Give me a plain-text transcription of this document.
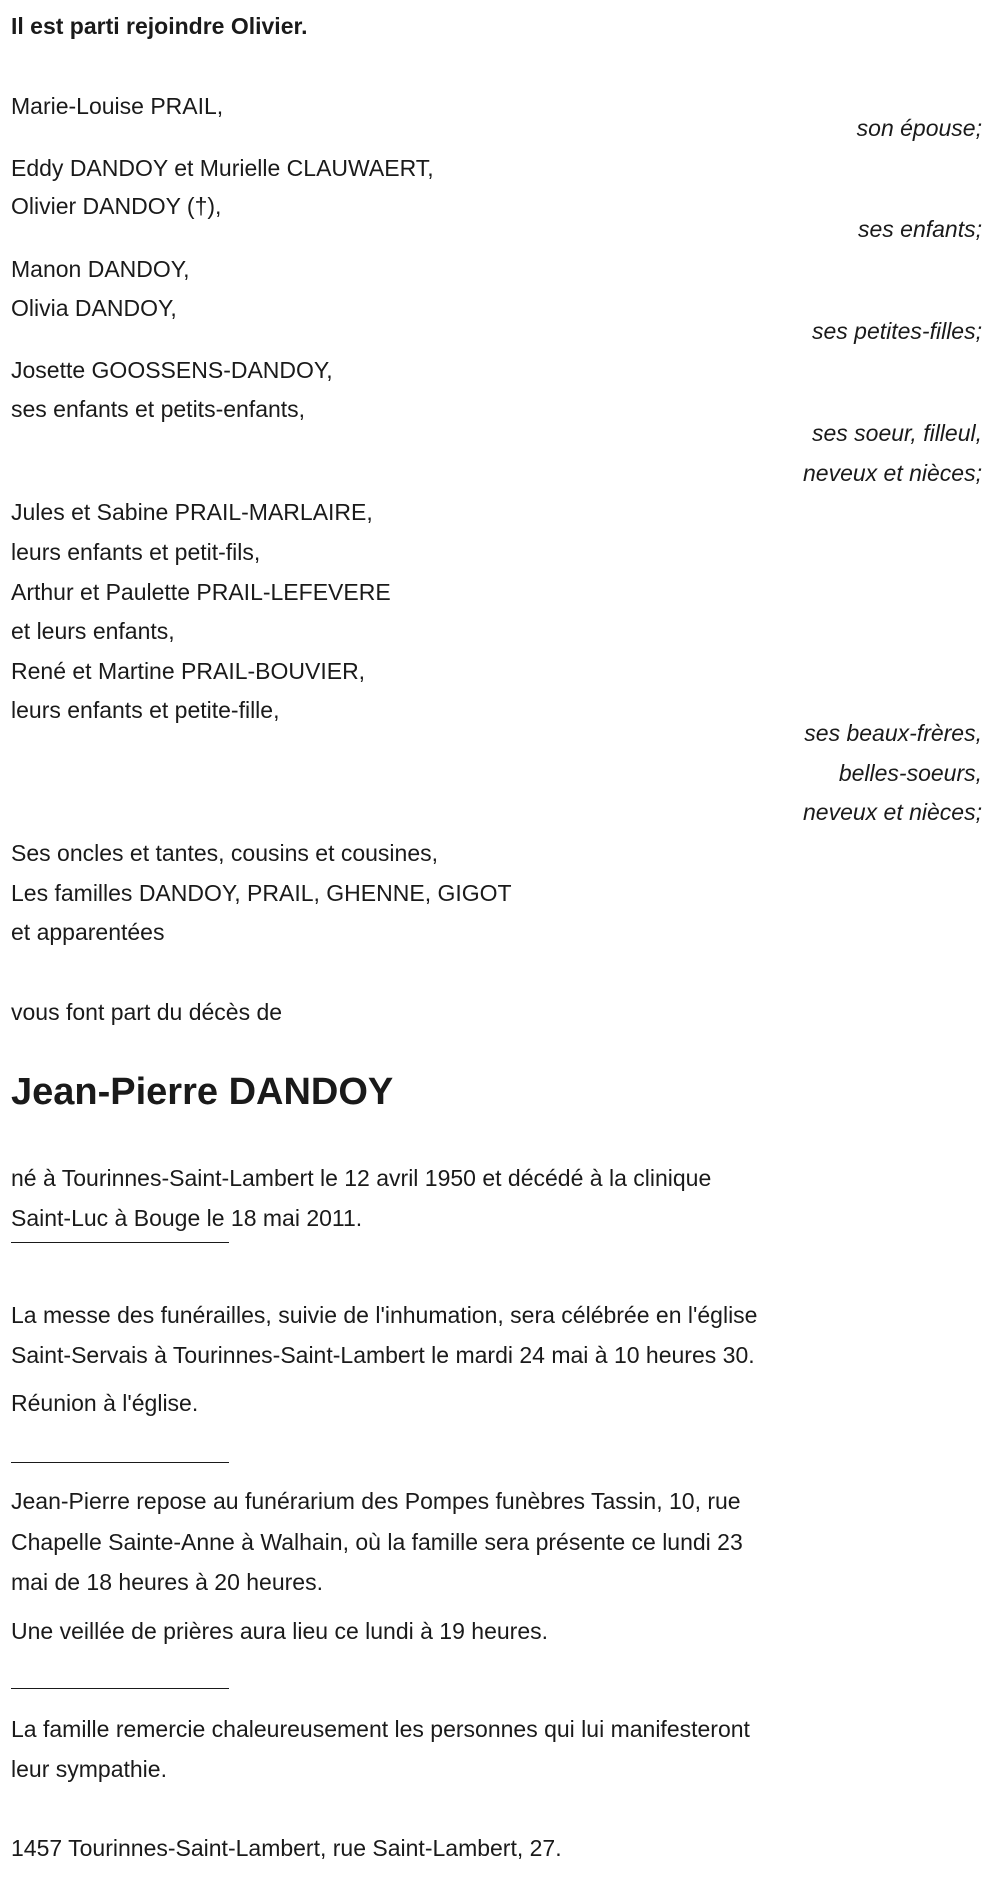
Il est parti rejoindre Olivier.
Marie-Louise PRAIL,
son épouse;
Eddy DANDOY et Murielle CLAUWAERT,
Olivier DANDOY (†),
ses enfants;
Manon DANDOY,
Olivia DANDOY,
ses petites-filles;
Josette GOOSSENS-DANDOY,
ses enfants et petits-enfants,
ses soeur, filleul,
neveux et nièces;
Jules et Sabine PRAIL-MARLAIRE,
leurs enfants et petit-fils,
Arthur et Paulette PRAIL-LEFEVERE
et leurs enfants,
René et Martine PRAIL-BOUVIER,
leurs enfants et petite-fille,
ses beaux-frères,
belles-soeurs,
neveux et nièces;
Ses oncles et tantes, cousins et cousines,
Les familles DANDOY, PRAIL, GHENNE, GIGOT
et apparentées
vous font part du décès de
Jean-Pierre DANDOY
né à Tourinnes-Saint-Lambert le 12 avril 1950 et décédé à la clinique
Saint-Luc à Bouge le 18 mai 2011.
La messe des funérailles, suivie de l'inhumation, sera célébrée en l'église
Saint-Servais à Tourinnes-Saint-Lambert le mardi 24 mai à 10 heures 30.
Réunion à l'église.
Jean-Pierre repose au funérarium des Pompes funèbres Tassin, 10, rue
Chapelle Sainte-Anne à Walhain, où la famille sera présente ce lundi 23
mai de 18 heures à 20 heures.
Une veillée de prières aura lieu ce lundi à 19 heures.
La famille remercie chaleureusement les personnes qui lui manifesteront
leur sympathie.
1457 Tourinnes-Saint-Lambert, rue Saint-Lambert, 27.
